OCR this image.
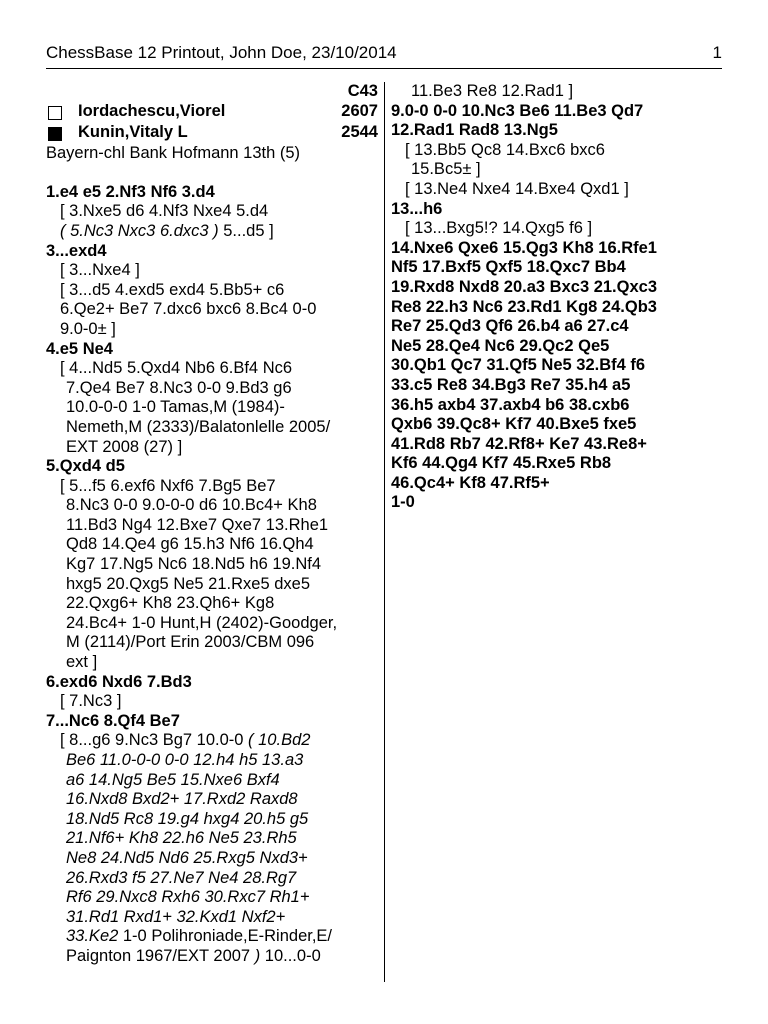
ChessBase 12 Printout, John Doe, 23/10/2014	1
C43
Iordachescu,Viorel	2607
Kunin,Vitaly L	2544
Bayern-chl Bank Hofmann 13th (5)
1.e4 e5 2.Nf3 Nf6 3.d4
[ 3.Nxe5 d6 4.Nf3 Nxe4 5.d4
( 5.Nc3 Nxc3 6.dxc3 ) 5...d5 ]
3...exd4
[ 3...Nxe4 ]
[ 3...d5 4.exd5 exd4 5.Bb5+ c6
6.Qe2+ Be7 7.dxc6 bxc6 8.Bc4 0-0
9.0-0± ]
4.e5 Ne4
[ 4...Nd5 5.Qxd4 Nb6 6.Bf4 Nc6
7.Qe4 Be7 8.Nc3 0-0 9.Bd3 g6
10.0-0-0 1-0 Tamas,M (1984)-
Nemeth,M (2333)/Balatonlelle 2005/
EXT 2008 (27) ]
5.Qxd4 d5
[ 5...f5 6.exf6 Nxf6 7.Bg5 Be7
8.Nc3 0-0 9.0-0-0 d6 10.Bc4+ Kh8
11.Bd3 Ng4 12.Bxe7 Qxe7 13.Rhe1
Qd8 14.Qe4 g6 15.h3 Nf6 16.Qh4
Kg7 17.Ng5 Nc6 18.Nd5 h6 19.Nf4
hxg5 20.Qxg5 Ne5 21.Rxe5 dxe5
22.Qxg6+ Kh8 23.Qh6+ Kg8
24.Bc4+ 1-0 Hunt,H (2402)-Goodger,
M (2114)/Port Erin 2003/CBM 096
ext ]
6.exd6 Nxd6 7.Bd3
[ 7.Nc3 ]
7...Nc6 8.Qf4 Be7
[ 8...g6 9.Nc3 Bg7 10.0-0 ( 10.Bd2
Be6 11.0-0-0 0-0 12.h4 h5 13.a3
a6 14.Ng5 Be5 15.Nxe6 Bxf4
16.Nxd8 Bxd2+ 17.Rxd2 Raxd8
18.Nd5 Rc8 19.g4 hxg4 20.h5 g5
21.Nf6+ Kh8 22.h6 Ne5 23.Rh5
Ne8 24.Nd5 Nd6 25.Rxg5 Nxd3+
26.Rxd3 f5 27.Ne7 Ne4 28.Rg7
Rf6 29.Nxc8 Rxh6 30.Rxc7 Rh1+
31.Rd1 Rxd1+ 32.Kxd1 Nxf2+
33.Ke2 1-0 Polihroniade,E-Rinder,E/
Paignton 1967/EXT 2007 ) 10...0-0
11.Be3 Re8 12.Rad1 ]
9.0-0 0-0 10.Nc3 Be6 11.Be3 Qd7
12.Rad1 Rad8 13.Ng5
[ 13.Bb5 Qc8 14.Bxc6 bxc6
15.Bc5± ]
[ 13.Ne4 Nxe4 14.Bxe4 Qxd1 ]
13...h6
[ 13...Bxg5!? 14.Qxg5 f6 ]
14.Nxe6 Qxe6 15.Qg3 Kh8 16.Rfe1
Nf5 17.Bxf5 Qxf5 18.Qxc7 Bb4
19.Rxd8 Nxd8 20.a3 Bxc3 21.Qxc3
Re8 22.h3 Nc6 23.Rd1 Kg8 24.Qb3
Re7 25.Qd3 Qf6 26.b4 a6 27.c4
Ne5 28.Qe4 Nc6 29.Qc2 Qe5
30.Qb1 Qc7 31.Qf5 Ne5 32.Bf4 f6
33.c5 Re8 34.Bg3 Re7 35.h4 a5
36.h5 axb4 37.axb4 b6 38.cxb6
Qxb6 39.Qc8+ Kf7 40.Bxe5 fxe5
41.Rd8 Rb7 42.Rf8+ Ke7 43.Re8+
Kf6 44.Qg4 Kf7 45.Rxe5 Rb8
46.Qc4+ Kf8 47.Rf5+
1-0
